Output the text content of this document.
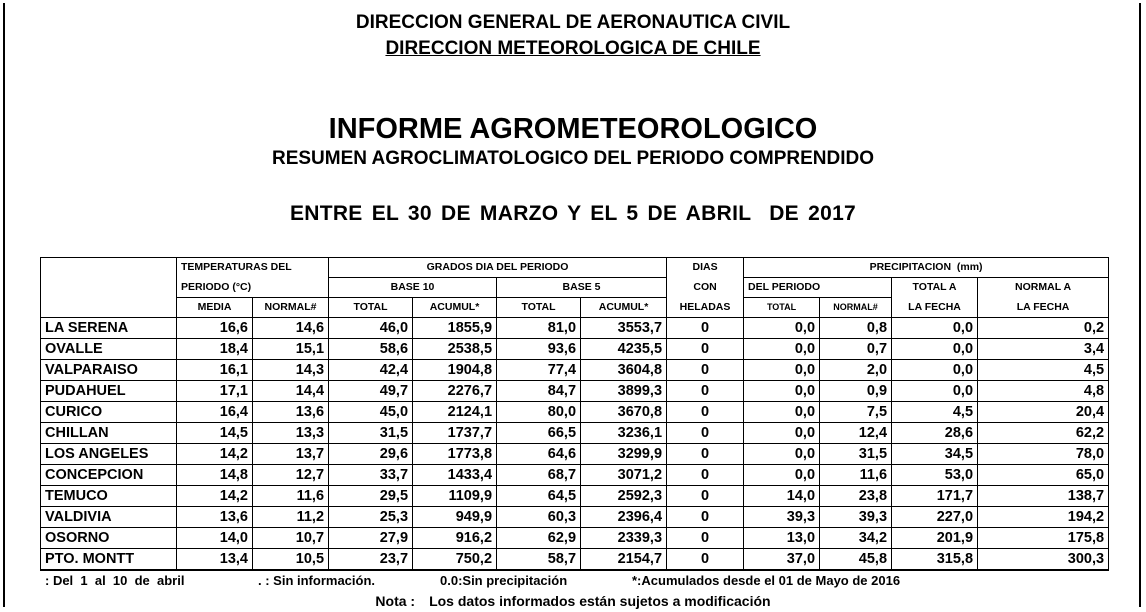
DIRECCION GENERAL DE AERONAUTICA CIVIL
DIRECCION METEOROLOGICA DE CHILE
INFORME AGROMETEOROLOGICO
RESUMEN AGROCLIMATOLOGICO DEL PERIODO COMPRENDIDO
ENTRE EL 30 DE MARZO Y EL 5 DE ABRIL  DE 2017
	TEMPERATURAS DEL		GRADOS DIA DEL PERIODO				DIAS	PRECIPITACION  (mm)			
	PERIODO (°C)		BASE 10		BASE 5		CON	DEL PERIODO		TOTAL A	NORMAL A
	MEDIA	NORMAL#	TOTAL	ACUMUL*	TOTAL	ACUMUL*	HELADAS	TOTAL	NORMAL#	LA FECHA	LA FECHA
LA SERENA	16,6	14,6	46,0	1855,9	81,0	3553,7	0	0,0	0,8	0,0	0,2
OVALLE	18,4	15,1	58,6	2538,5	93,6	4235,5	0	0,0	0,7	0,0	3,4
VALPARAISO	16,1	14,3	42,4	1904,8	77,4	3604,8	0	0,0	2,0	0,0	4,5
PUDAHUEL	17,1	14,4	49,7	2276,7	84,7	3899,3	0	0,0	0,9	0,0	4,8
CURICO	16,4	13,6	45,0	2124,1	80,0	3670,8	0	0,0	7,5	4,5	20,4
CHILLAN	14,5	13,3	31,5	1737,7	66,5	3236,1	0	0,0	12,4	28,6	62,2
LOS ANGELES	14,2	13,7	29,6	1773,8	64,6	3299,9	0	0,0	31,5	34,5	78,0
CONCEPCION	14,8	12,7	33,7	1433,4	68,7	3071,2	0	0,0	11,6	53,0	65,0
TEMUCO	14,2	11,6	29,5	1109,9	64,5	2592,3	0	14,0	23,8	171,7	138,7
VALDIVIA	13,6	11,2	25,3	949,9	60,3	2396,4	0	39,3	39,3	227,0	194,2
OSORNO	14,0	10,7	27,9	916,2	62,9	2339,3	0	13,0	34,2	201,9	175,8
PTO. MONTT	13,4	10,5	23,7	750,2	58,7	2154,7	0	37,0	45,8	315,8	300,3
: Del  1  al  10  de  abril	. : Sin información.	0.0:Sin precipitación	*:Acumulados desde el 01 de Mayo de 2016
Nota : Los datos informados están sujetos a modificación
